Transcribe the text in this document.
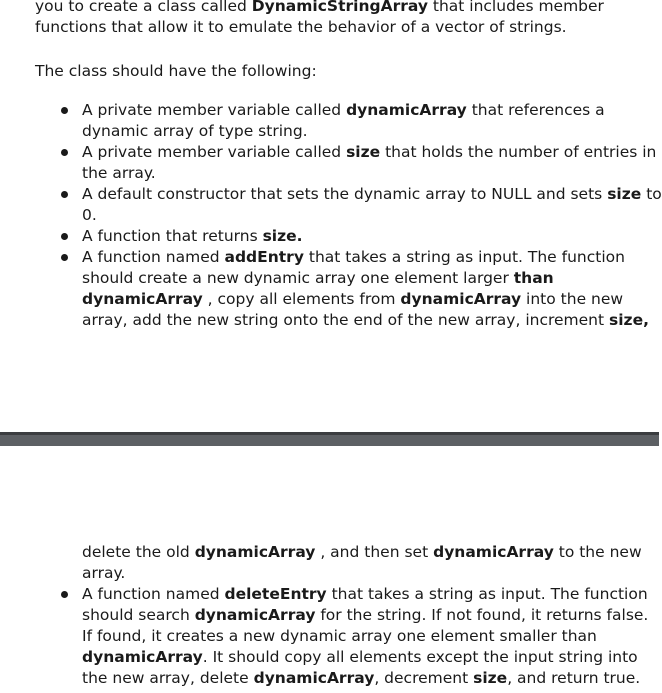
you to create a class called DynamicStringArray that includes member
functions that allow it to emulate the behavior of a vector of strings.
The class should have the following:
A private member variable called dynamicArray that references a
dynamic array of type string.
A private member variable called size that holds the number of entries in
the array.
A default constructor that sets the dynamic array to NULL and sets size to
0.
A function that returns size.
A function named addEntry that takes a string as input. The function
should create a new dynamic array one element larger than
dynamicArray , copy all elements from dynamicArray into the new
array, add the new string onto the end of the new array, increment size,
delete the old dynamicArray , and then set dynamicArray to the new
array.
A function named deleteEntry that takes a string as input. The function
should search dynamicArray for the string. If not found, it returns false.
If found, it creates a new dynamic array one element smaller than
dynamicArray. It should copy all elements except the input string into
the new array, delete dynamicArray, decrement size, and return true.
